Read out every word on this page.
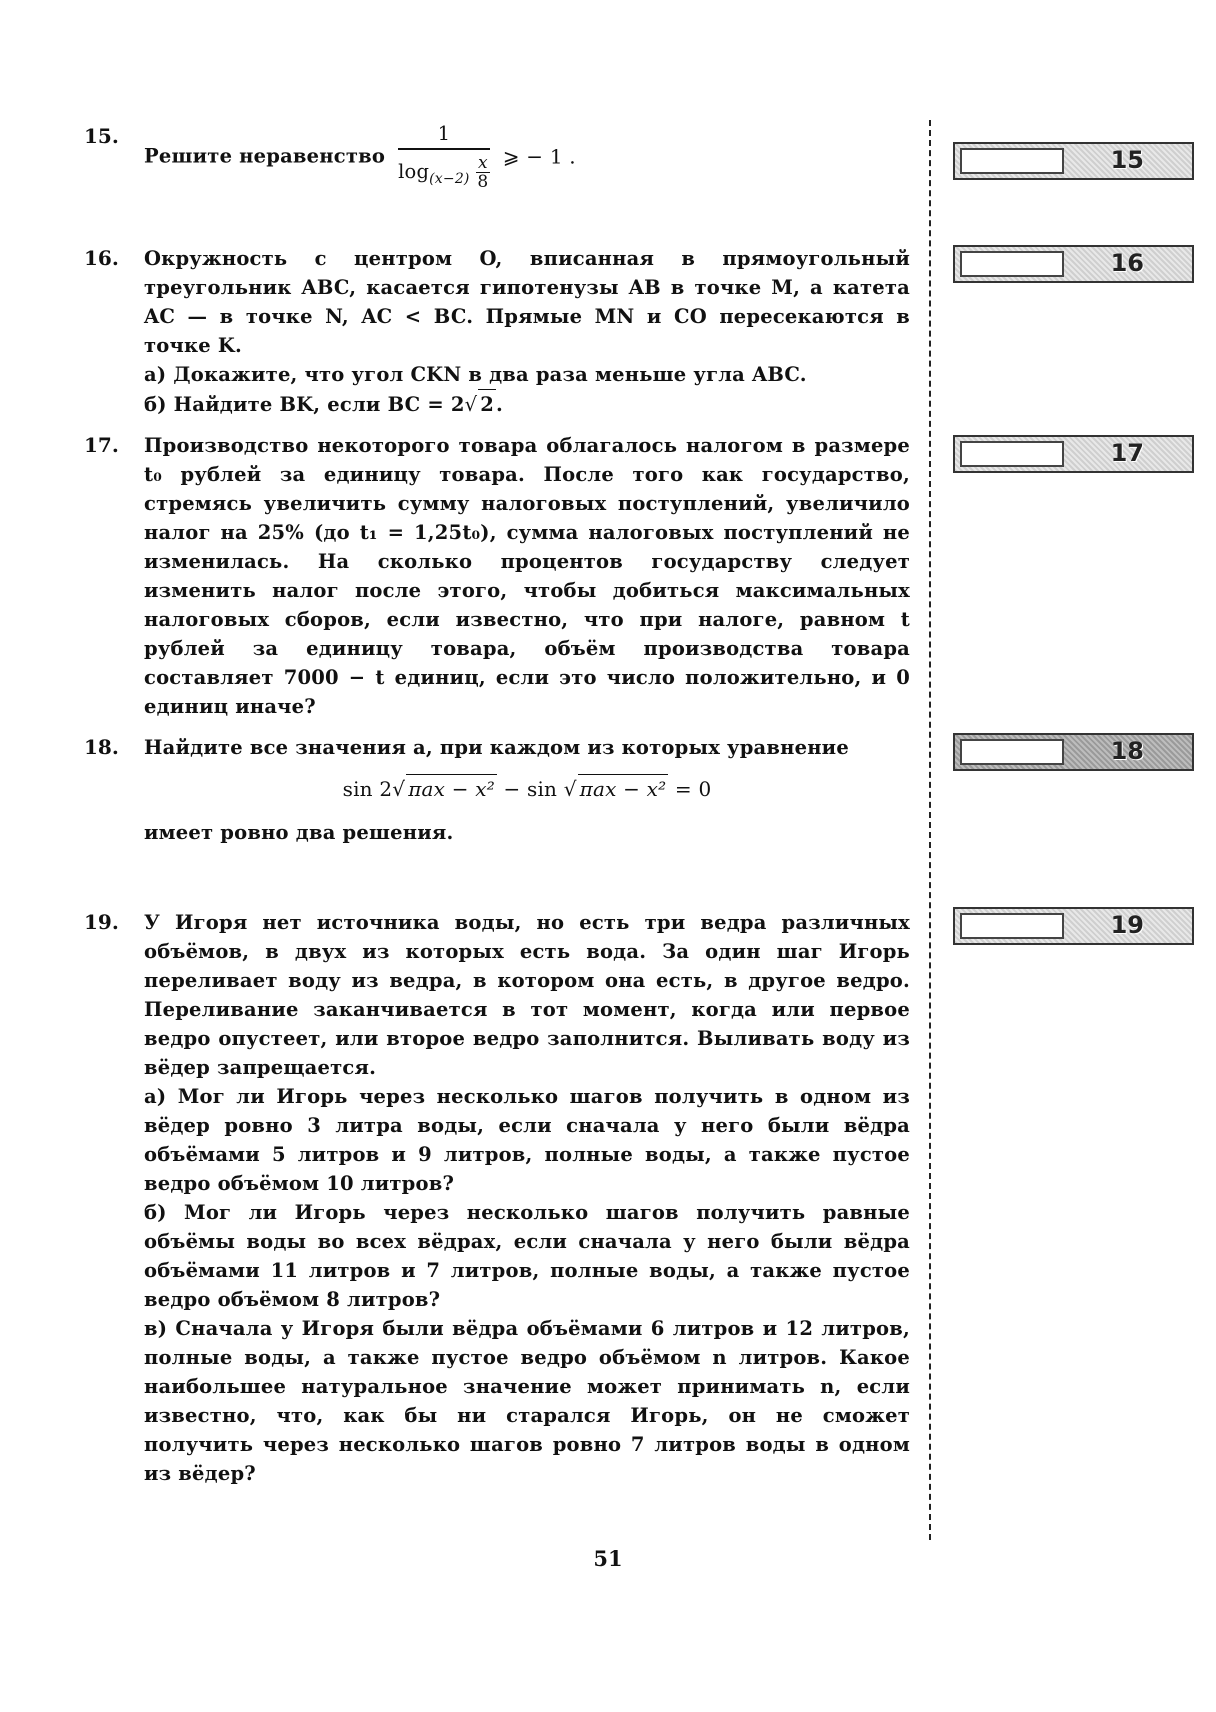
15.
Решите неравенство $\frac{1}{\log_{(x-2)} \frac{x}{8}}$ ⩾ − 1 .
16.	Окружность с центром O, вписанная в прямоугольный треугольник ABC, касается гипотенузы AB в точке M, а катета AC — в точке N, AC < BC. Прямые MN и CO пересекаются в точке K.

а) Докажите, что угол CKN в два раза меньше угла ABC.

б) Найдите BK, если BC = 2√ 2 .

17.	Производство некоторого товара облагалось налогом в размере t₀ рублей за единицу товара. После того как государство, стремясь увеличить сумму налоговых поступлений, увеличило налог на 25% (до t₁ = 1,25t₀), сумма налоговых поступлений не изменилась. На сколько процентов государству следует изменить налог после этого, чтобы добиться максимальных налоговых сборов, если известно, что при налоге, равном t рублей за единицу товара, объём производства товара составляет 7000 − t единиц, если это число положительно, и 0 единиц иначе?

18.	Найдите все значения a, при каждом из которых уравнение

sin 2√ πax − x² − sin √ πax − x² = 0

имеет ровно два решения.

19.	У Игоря нет источника воды, но есть три ведра различных объёмов, в двух из которых есть вода. За один шаг Игорь переливает воду из ведра, в котором она есть, в другое ведро. Переливание заканчивается в тот момент, когда или первое ведро опустеет, или второе ведро заполнится. Выливать воду из вёдер запрещается.

а) Мог ли Игорь через несколько шагов получить в одном из вёдер ровно 3 литра воды, если сначала у него были вёдра объёмами 5 литров и 9 литров, полные воды, а также пустое ведро объёмом 10 литров?

б) Мог ли Игорь через несколько шагов получить равные объёмы воды во всех вёдрах, если сначала у него были вёдра объёмами 11 литров и 7 литров, полные воды, а также пустое ведро объёмом 8 литров?

в) Сначала у Игоря были вёдра объёмами 6 литров и 12 литров, полные воды, а также пустое ведро объёмом n литров. Какое наибольшее натуральное значение может принимать n, если известно, что, как бы ни старался Игорь, он не сможет получить через несколько шагов ровно 7 литров воды в одном из вёдер?

15
16
17
18
19
51
